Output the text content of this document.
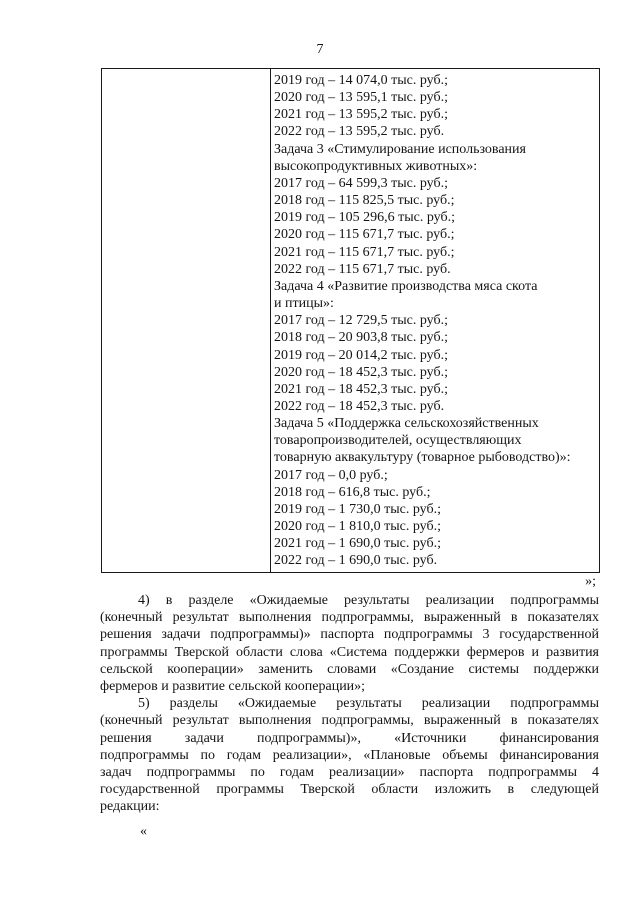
7
2019 год – 14 074,0 тыс. руб.;
2020 год – 13 595,1 тыс. руб.;
2021 год – 13 595,2 тыс. руб.;
2022 год – 13 595,2 тыс. руб.
Задача 3 «Стимулирование использования
высокопродуктивных животных»:
2017 год – 64 599,3 тыс. руб.;
2018 год – 115 825,5 тыс. руб.;
2019 год – 105 296,6 тыс. руб.;
2020 год – 115 671,7 тыс. руб.;
2021 год – 115 671,7 тыс. руб.;
2022 год – 115 671,7 тыс. руб.
Задача 4 «Развитие производства мяса скота
и птицы»:
2017 год – 12 729,5 тыс. руб.;
2018 год – 20 903,8 тыс. руб.;
2019 год – 20 014,2 тыс. руб.;
2020 год – 18 452,3 тыс. руб.;
2021 год – 18 452,3 тыс. руб.;
2022 год – 18 452,3 тыс. руб.
Задача 5 «Поддержка сельскохозяйственных
товаропроизводителей, осуществляющих
товарную аквакультуру (товарное рыбоводство)»:
2017 год – 0,0 руб.;
2018 год – 616,8 тыс. руб.;
2019 год – 1 730,0 тыс. руб.;
2020 год – 1 810,0 тыс. руб.;
2021 год – 1 690,0 тыс. руб.;
2022 год – 1 690,0 тыс. руб.
»;
4) в разделе «Ожидаемые результаты реализации подпрограммы
(конечный результат выполнения подпрограммы, выраженный в показателях
решения задачи подпрограммы)» паспорта подпрограммы 3 государственной
программы Тверской области слова «Система поддержки фермеров и развития
сельской кооперации» заменить словами «Создание системы поддержки
фермеров и развитие сельской кооперации»;
5) разделы «Ожидаемые результаты реализации подпрограммы
(конечный результат выполнения подпрограммы, выраженный в показателях
решения задачи подпрограммы)», «Источники финансирования
подпрограммы по годам реализации», «Плановые объемы финансирования
задач подпрограммы по годам реализации» паспорта подпрограммы 4
государственной программы Тверской области изложить в следующей
редакции:
«
